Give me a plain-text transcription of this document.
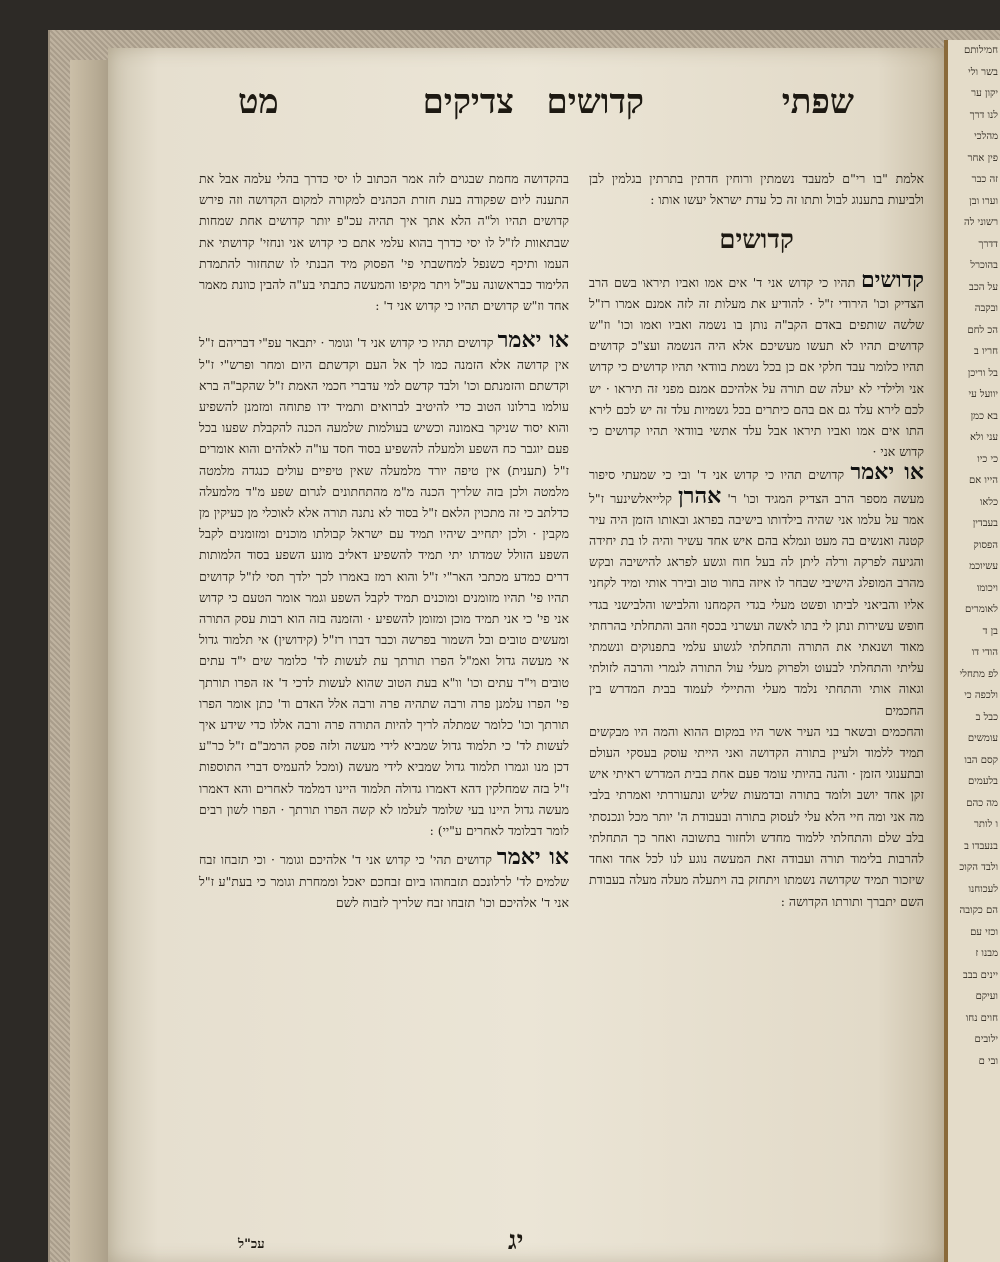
שפתי
קדושים
צדיקים
מט

אלמת "בו רי"ם למעבד נשמתין ורוחין חדתין בתרתין בגלמין לבן ולביעות בתענוג לבול ותתו זה כל עדת ישראל יעשו אותו :

קדושים

קדושים תהיו כי קדוש אני ד' אים אמו ואביו תיראו בשם הרב הצדיק וכו' הירודי ז"ל · להודיע את מעלות זה לזה אמנם אמרו רז"ל שלשה שותפים באדם הקב"ה נותן בו נשמה ואביו ואמו וכו' וז"ש קדושים תהיו לא תעשו מעשיכם אלא היה הנשמה ועצ"כ קדושים תהיו כלומר עבד חלקי אם כן בכל נשמת בוודאי תהיו קדושים כי קדוש אני ולילדי לא יעלה שם תורה על אלהיכם אמנם מפני זה תיראו · יש לכם לירא עלד גם אם בהם כיתרים בכל גשמיות עלד זה יש לכם לירא התו אים אמו ואביו תיראו אבל עלד אתשי בוודאי תהיו קדושים כי קדוש אני ·

או יאמר קדושים תהיו כי קדוש אני ד' ובי כי שמעתי סיפור מעשה מספר הרב הצדיק המגיד וכו' ר' אהרן קלייאלשינער ז"ל אמר על עלמו אני שהיה בילדותו בישיבה בפראג ובאותו הזמן היה עיר קטנה ואנשים בה מעט ונמלא בהם איש אחד עשיר והיה לו בת יחידה והגיעה לפרקה ורלה ליתן לה בעל חוח וגשע לפראג להישיבה ובקש מהרב המופלג הישיבי שבחר לו איזה בחור טוב ובירר אותי ומיד לקחני אליו והביאני לביתו ופשט מעלי בגדי הקמחנו והלבישו והלבישני בגדי חופש עשירות ונתן לי בתו לאשה ועשרני בכסף וזהב והתחלתי בהרחתי מאוד ושנאתי את התורה והתחלתי לגשוע עלמי בתפנוקים ונשמתי עליתי והתחלתי לבעוט ולפרוק מעלי עול התורה לגמרי והרבה לזולתי וגאוה אותי והתחתי נלמד מעלי והתיילי לעמוד בבית המדרש בין החכמים

והחכמים ובשאר בני העיר אשר היו במקום ההוא והמה היו מבקשים תמיד ללמוד ולעיין בתורה הקדושה ואני הייתי עוסק בעסקי העולם ובתענוגי הזמן · והנה בהיותי עומד פעם אחת בבית המדרש ראיתי איש זקן אחד יושב ולומד בתורה ובדמעות שליש ונתעוררתי ואמרתי בלבי מה אני ומה חיי הלא עלי לעסוק בתורה ובעבודת ה' יותר מכל ונכנסתי בלב שלם והתחלתי ללמוד מחדש ולחזור בתשובה ואחר כך התחלתי להרבות בלימוד תורה ועבודה זאת המעשה נוגע לנו לכל אחד ואחד שיזכור תמיד שקדושה נשמתו ויתחזק בה ויתעלה מעלה מעלה בעבודת השם יתברך ותורתו הקדושה :

בהקדושה מחמת שבגוים לזה אמר הכתוב לו יסי כדרך בהלי עלמה אבל את התענה ליום שפקודה בעת חזרת הכהנים למקורה למקום הקדושה וזה פירש קדושים תהיו ול"ה הלא אתך איך תהיה עכ"פ יותר קדושים אחת שמחות שבתאוות לז"ל לו יסי כדרך בהוא עלמי אתם כי קדוש אני ונחזי' קדושתי את העמו ותיכף כשנפל למחשבתי פי' הפסוק מיד הבנתי לו שתחזור להתמדת הלימוד כבראשונה עכ"ל ויתר מקיפו והמעשה כתבתי בע"ה להבין כוונת מאמר אחד וז"ש קדושים תהיו כי קדוש אני ד' :

או יאמר קדושים תהיו כי קדוש אני ד' וגומר · יתבאר עפ"י דבריהם ז"ל אין קדושה אלא הזמנה כמו לך אל העם וקדשתם היום ומחר ופרש"י ז"ל וקדשתם והזמנתם וכו' ולבד קדשם למי עדברי חכמי האמת ז"ל שהקב"ה ברא עולמו ברלונו הטוב כדי להיטיב לברואים ותמיד ידו פתוחה ומזמנן להשפיע והוא יסוד שניקר באמונה וכשיש בעולמות שלמעה הכנה להקבלת שפעו בכל פעם יוגבר כח השפע ולמעלה להשפיע בסוד חסד עו"ה לאלהים והוא אומרים ז"ל (תענית) אין טיפה יורד מלמעלה שאין טיפיים עולים כנגדה מלמטה מלמטה ולכן בזה שלריך הכנה מ"מ מהתחתונים לגרום שפע מ"ד מלמעלה כדלתב כי זה מתכוין הלאם ז"ל בסוד לא נתנה תורה אלא לאוכלי מן כעיקין מן מקבין · ולכן יתחייב שיהיו תמיד עם ישראל קבולתו מוכנים ומזומנים לקבל השפע הזולל שמדתו יתי תמיד להשפיע דאליב מונע השפע בסוד הלמותות דרים כמדע מכתבי האר"י ז"ל והוא רמז באמרו לכך ילדך תסי לז"ל קדושים תהיו פי' תהיו מזומנים ומוכנים תמיד לקבל השפע וגמר אומר הטעם כי קדוש אני פי' כי אני תמיד מוכן ומזומן להשפיע · והזמנה בזה הוא רבות עסק התורה ומעשים טובים ובל השמור בפרשה וכבר דברו רז"ל (קידושין) אי תלמוד גדול אי מעשה גדול ואמ"ל הפרו תורתך עת לעשות לד' כלומר שים י"ד עתים טובים וי"ד עתים וכו' וו"א בעת הטוב שהוא לעשות לדכי ד' אז הפרו תורתך פי' הפרו עלמנן פרה ורבה שתהיה פרה ורבה אלל האדם וד' כתן אומר הפרו תורתך וכו' כלומר שמתלה לריך להיות התורה פרה ורבה אללו כדי שידע איך לעשות לד' כי תלמוד גדול שמביא לידי מעשה ולזה פסק הרמב"ם ז"ל כר"ע דכן מנו וגמרו תלמוד גדול שמביא לידי מעשה (ומכל להעמיס דברי התוספות ז"ל בזה שמחלקין דהא דאמרו גדולה תלמוד היינו דמלמד לאחרים והא דאמרו מעשה גדול היינו בעי שלומד לעלמו לא קשה הפרו תורתך · הפרו לשון רבים לומר דבלומד לאחרים ע"יי) :

או יאמר קדושים תהי' כי קדוש אני ד' אלהיכם וגומר · וכי תזבחו זבח שלמים לד' לרלונכם תזבחוהו ביום זבחכם יאכל וממחרת וגומר כי בעת"ע ז"ל אני ד' אלהיכם וכו' תזבחו זבח שלריך לזבוח לשם

יג
עכ"ל
חמילותם
בשר ולי
יקון ער
לנו דרך
מהלכי
פין אחר
זה כבר
וערו ובן
רשוני לה
דדרך
בהוכרל
על הכב
ובקבה
הכ לחם
חריו ב
בל וריכן
יוועל עי
בא כמן
עני ולא
כי כיו
הייו אם
כלאו
בעבדין
הפסוק
עשיוכמ
ויכומו
לאומרים
בן ד
הודי דו
לפ מתחלי
ולכפה כי
כבל ב
עומשים
קסם הבו
בלעמים
מה כהם
ו לותר
בנעבדו ב
ולבד הקוכ
לעכוחנו
הם כקובה
וכזי עם
מבנו ז
יינים בבב
ועיקם
חוים נחו
ילובים
ובי ם
